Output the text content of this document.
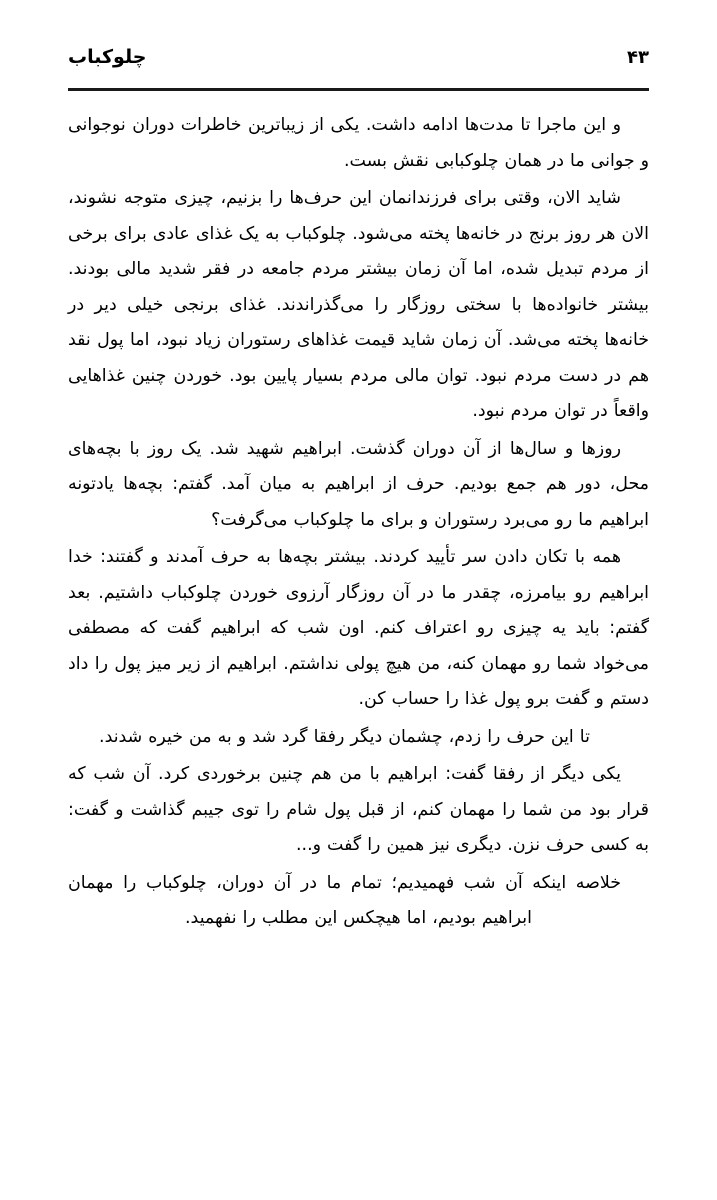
چلوکباب	۴۳

و این ماجرا تا مدت‌ها ادامه داشت. یکی از زیباترین خاطرات دوران نوجوانی و جوانی ما در همان چلوکبابی نقش بست.

شاید الان، وقتی برای فرزندانمان این حرف‌ها را بزنیم، چیزی متوجه نشوند، الان هر روز برنج در خانه‌ها پخته می‌شود. چلوکباب به یک غذای عادی برای برخی از مردم تبدیل شده، اما آن زمان بیشتر مردم جامعه در فقر شدید مالی بودند. بیشتر خانواده‌ها با سختی روزگار را می‌گذراندند. غذای برنجی خیلی دیر در خانه‌ها پخته می‌شد. آن زمان شاید قیمت غذاهای رستوران زیاد نبود، اما پول نقد هم در دست مردم نبود. توان مالی مردم بسیار پایین بود. خوردن چنین غذاهایی واقعاً در توان مردم نبود.

روزها و سال‌ها از آن دوران گذشت. ابراهیم شهید شد. یک روز با بچه‌های محل، دور هم جمع بودیم. حرف از ابراهیم به میان آمد. گفتم: بچه‌ها یادتونه ابراهیم ما رو می‌برد رستوران و برای ما چلوکباب می‌گرفت؟

همه با تکان دادن سر تأیید کردند. بیشتر بچه‌ها به حرف آمدند و گفتند: خدا ابراهیم رو بیامرزه، چقدر ما در آن روزگار آرزوی خوردن چلوکباب داشتیم. بعد گفتم: باید یه چیزی رو اعتراف کنم. اون شب که ابراهیم گفت که مصطفی می‌خواد شما رو مهمان کنه، من هیچ پولی نداشتم. ابراهیم از زیر میز پول را داد دستم و گفت برو پول غذا را حساب کن.

تا این حرف را زدم، چشمان دیگر رفقا گرد شد و به من خیره شدند.

یکی دیگر از رفقا گفت: ابراهیم با من هم چنین برخوردی کرد. آن شب که قرار بود من شما را مهمان کنم، از قبل پول شام را توی جیبم گذاشت و گفت: به کسی حرف نزن. دیگری نیز همین را گفت و...

خلاصه اینکه آن شب فهمیدیم؛ تمام ما در آن دوران، چلوکباب را مهمان ابراهیم بودیم، اما هیچکس این مطلب را نفهمید.
